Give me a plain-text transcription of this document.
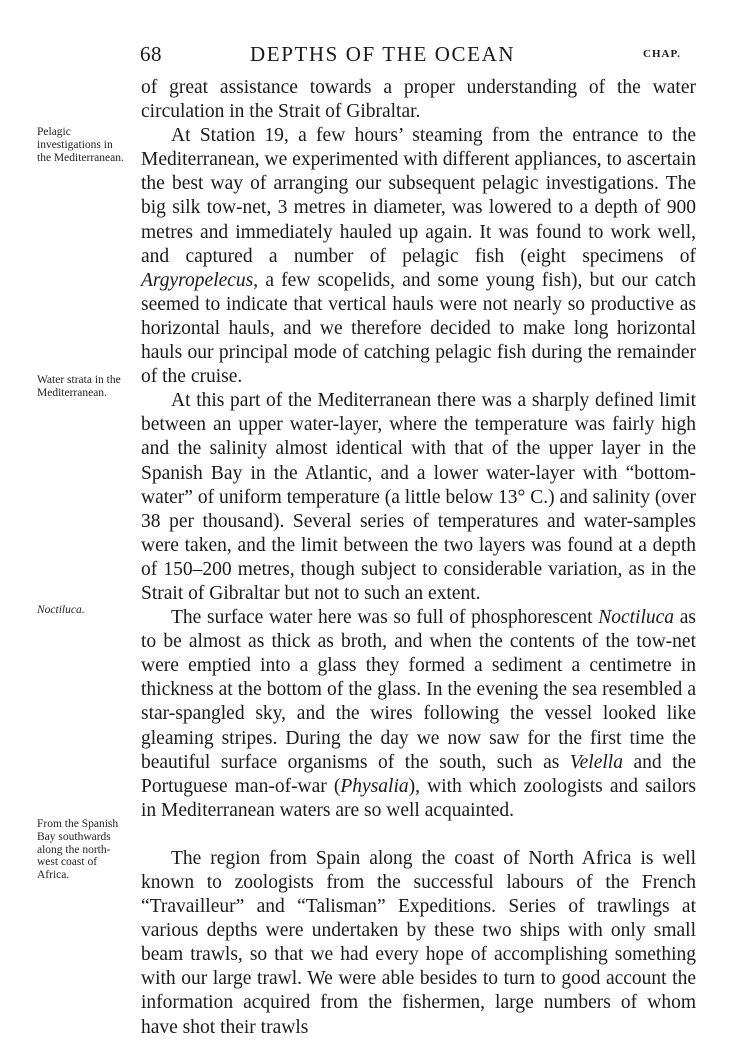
68	DEPTHS OF THE OCEAN	CHAP.
Pelagic investigations in the Mediterranean.
Water strata in the Mediterranean.
Noctiluca.
From the Spanish Bay southwards along the north-west coast of Africa.

of great assistance towards a proper understanding of the water circulation in the Strait of Gibraltar.

At Station 19, a few hours’ steaming from the entrance to the Mediterranean, we experimented with different appliances, to ascertain the best way of arranging our subsequent pelagic investigations. The big silk tow-net, 3 metres in diameter, was lowered to a depth of 900 metres and immediately hauled up again. It was found to work well, and captured a number of pelagic fish (eight specimens of Argyropelecus, a few scopelids, and some young fish), but our catch seemed to indicate that vertical hauls were not nearly so productive as horizontal hauls, and we therefore decided to make long horizontal hauls our principal mode of catching pelagic fish during the remainder of the cruise.

At this part of the Mediterranean there was a sharply defined limit between an upper water-layer, where the temperature was fairly high and the salinity almost identical with that of the upper layer in the Spanish Bay in the Atlantic, and a lower water-layer with “bottom-water” of uniform temperature (a little below 13° C.) and salinity (over 38 per thousand). Several series of temperatures and water-samples were taken, and the limit between the two layers was found at a depth of 150–200 metres, though subject to considerable variation, as in the Strait of Gibraltar but not to such an extent.

The surface water here was so full of phosphorescent Noctiluca as to be almost as thick as broth, and when the contents of the tow-net were emptied into a glass they formed a sediment a centimetre in thickness at the bottom of the glass. In the evening the sea resembled a star-spangled sky, and the wires following the vessel looked like gleaming stripes. During the day we now saw for the first time the beautiful surface organisms of the south, such as Velella and the Portuguese man-of-war (Physalia), with which zoologists and sailors in Mediterranean waters are so well acquainted.

The region from Spain along the coast of North Africa is well known to zoologists from the successful labours of the French “Travailleur” and “Talisman” Expeditions. Series of trawlings at various depths were undertaken by these two ships with only small beam trawls, so that we had every hope of accomplishing something with our large trawl. We were able besides to turn to good account the information acquired from the fishermen, large numbers of whom have shot their trawls
